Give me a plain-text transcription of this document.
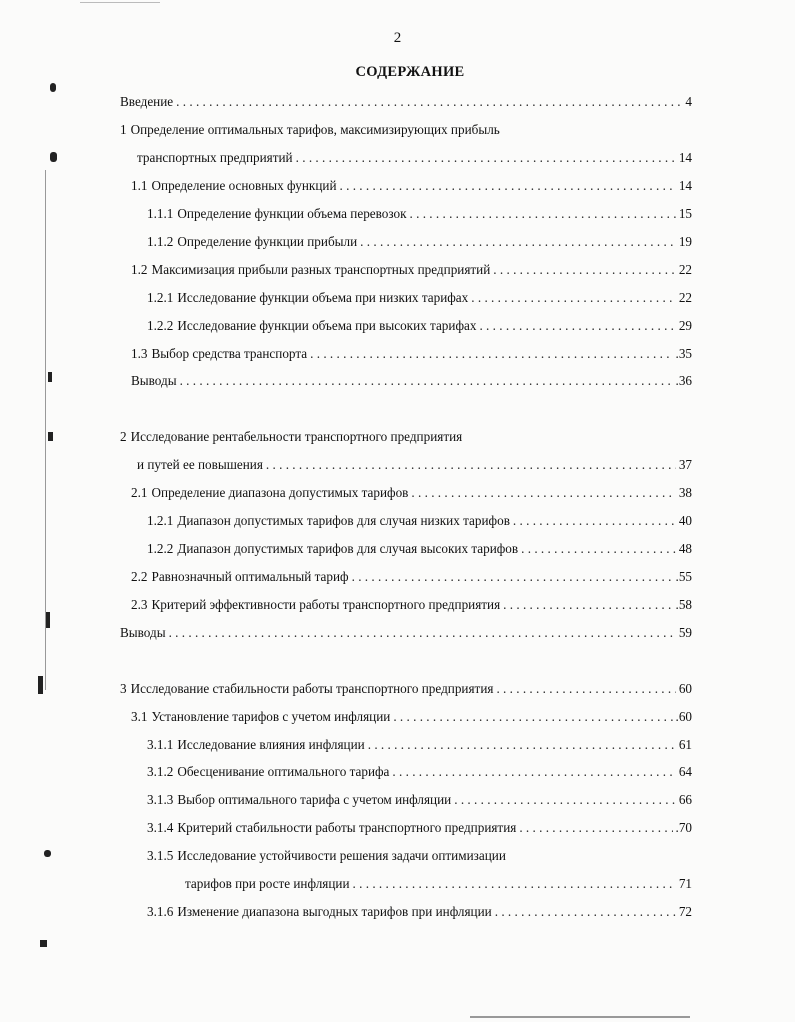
2
СОДЕРЖАНИЕ
Введение . . .	4
1 Определение оптимальных тарифов, максимизирующих прибыль
транспортных предприятий . . .	14
1.1 Определение основных функций . . .	14
1.1.1 Определение функции объема перевозок . . .	15
1.1.2 Определение функции прибыли . . .	19
1.2 Максимизация прибыли разных транспортных предприятий . . .	22
1.2.1 Исследование функции объема при низких тарифах . . .	22
1.2.2 Исследование функции объема при высоких тарифах . . .	29
1.3 Выбор средства транспорта . . .	.35
Выводы . . .	.36
2 Исследование рентабельности транспортного предприятия
и путей ее повышения . . .	37
2.1 Определение диапазона допустимых тарифов . . .	38
1.2.1 Диапазон допустимых тарифов для случая низких тарифов . . .	40
1.2.2 Диапазон допустимых тарифов для случая высоких тарифов . . .	48
2.2 Равнозначный оптимальный тариф . . .	.55
2.3 Критерий эффективности работы транспортного предприятия . . .	.58
Выводы . . .	59
3 Исследование стабильности работы транспортного предприятия . . .	60
3.1 Установление тарифов с учетом инфляции . . .	.60
3.1.1 Исследование влияния инфляции . . .	61
3.1.2 Обесценивание оптимального тарифа . . .	64
3.1.3 Выбор оптимального тарифа с учетом инфляции . . .	66
3.1.4 Критерий стабильности работы транспортного предприятия . . .	.70
3.1.5 Исследование устойчивости решения задачи оптимизации
тарифов при росте инфляции . . .	71
3.1.6 Изменение диапазона выгодных тарифов при инфляции . . .	72
